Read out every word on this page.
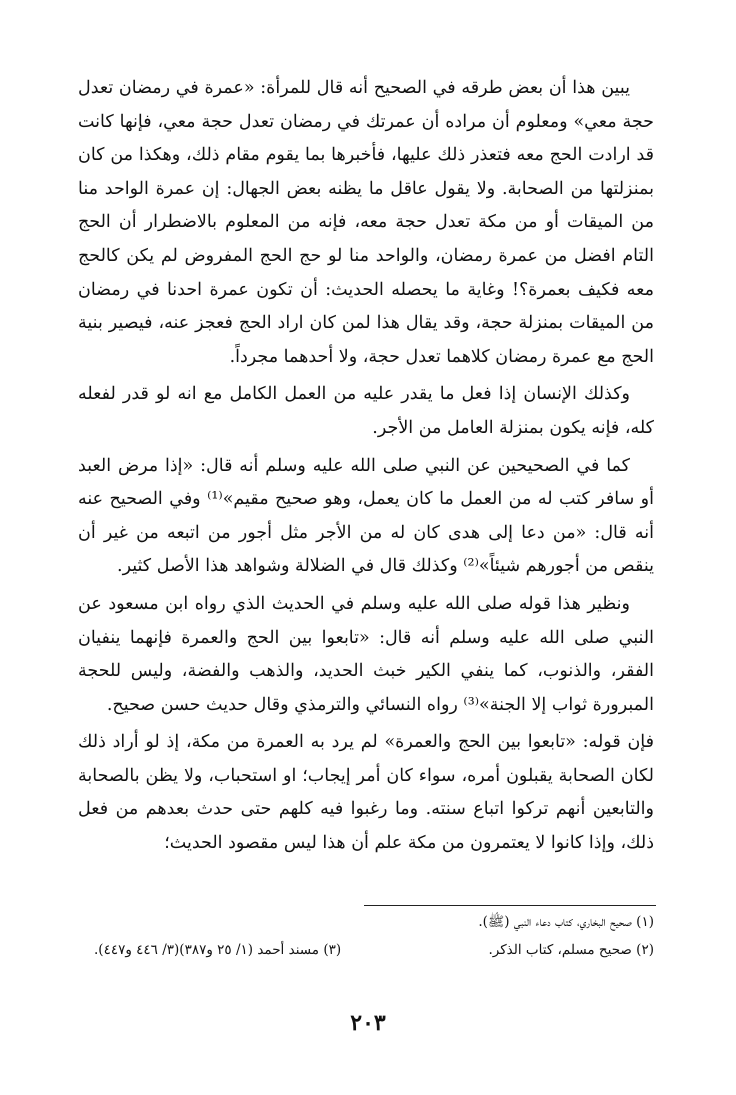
يبين هذا أن بعض طرقه في الصحيح أنه قال للمرأة: «عمرة في رمضان تعدل حجة معي» ومعلوم أن مراده أن عمرتك في رمضان تعدل حجة معي، فإنها كانت قد ارادت الحج معه فتعذر ذلك عليها، فأخبرها بما يقوم مقام ذلك، وهكذا من كان بمنزلتها من الصحابة. ولا يقول عاقل ما يظنه بعض الجهال: إن عمرة الواحد منا من الميقات أو من مكة تعدل حجة معه، فإنه من المعلوم بالاضطرار أن الحج التام افضل من عمرة رمضان، والواحد منا لو حج الحج المفروض لم يكن كالحج معه فكيف بعمرة؟! وغاية ما يحصله الحديث: أن تكون عمرة احدنا في رمضان من الميقات بمنزلة حجة، وقد يقال هذا لمن كان اراد الحج فعجز عنه، فيصير بنية الحج مع عمرة رمضان كلاهما تعدل حجة، ولا أحدهما مجرداً.

وكذلك الإنسان إذا فعل ما يقدر عليه من العمل الكامل مع انه لو قدر لفعله كله، فإنه يكون بمنزلة العامل من الأجر.

كما في الصحيحين عن النبي صلى الله عليه وسلم أنه قال: «إذا مرض العبد أو سافر كتب له من العمل ما كان يعمل، وهو صحيح مقيم»⁽¹⁾ وفي الصحيح عنه أنه قال: «من دعا إلى هدى كان له من الأجر مثل أجور من اتبعه من غير أن ينقص من أجورهم شيئاً»⁽²⁾ وكذلك قال في الضلالة وشواهد هذا الأصل كثير.

ونظير هذا قوله صلى الله عليه وسلم في الحديث الذي رواه ابن مسعود عن النبي صلى الله عليه وسلم أنه قال: «تابعوا بين الحج والعمرة فإنهما ينفيان الفقر، والذنوب، كما ينفي الكير خبث الحديد، والذهب والفضة، وليس للحجة المبرورة ثواب إلا الجنة»⁽³⁾ رواه النسائي والترمذي وقال حديث حسن صحيح.

فإن قوله: «تابعوا بين الحج والعمرة» لم يرد به العمرة من مكة، إذ لو أراد ذلك لكان الصحابة يقبلون أمره، سواء كان أمر إيجاب؛ او استحباب، ولا يظن بالصحابة والتابعين أنهم تركوا اتباع سنته. وما رغبوا فيه كلهم حتى حدث بعدهم من فعل ذلك، وإذا كانوا لا يعتمرون من مكة علم أن هذا ليس مقصود الحديث؛

(١) صحيح البخاري، كتاب دعاء النبي (ﷺ).
(٢) صحيح مسلم، كتاب الذكر.
(٣) مسند أحمد (١/ ٢٥ و٣٨٧)(٣/ ٤٤٦ و٤٤٧).
٢٠٣
